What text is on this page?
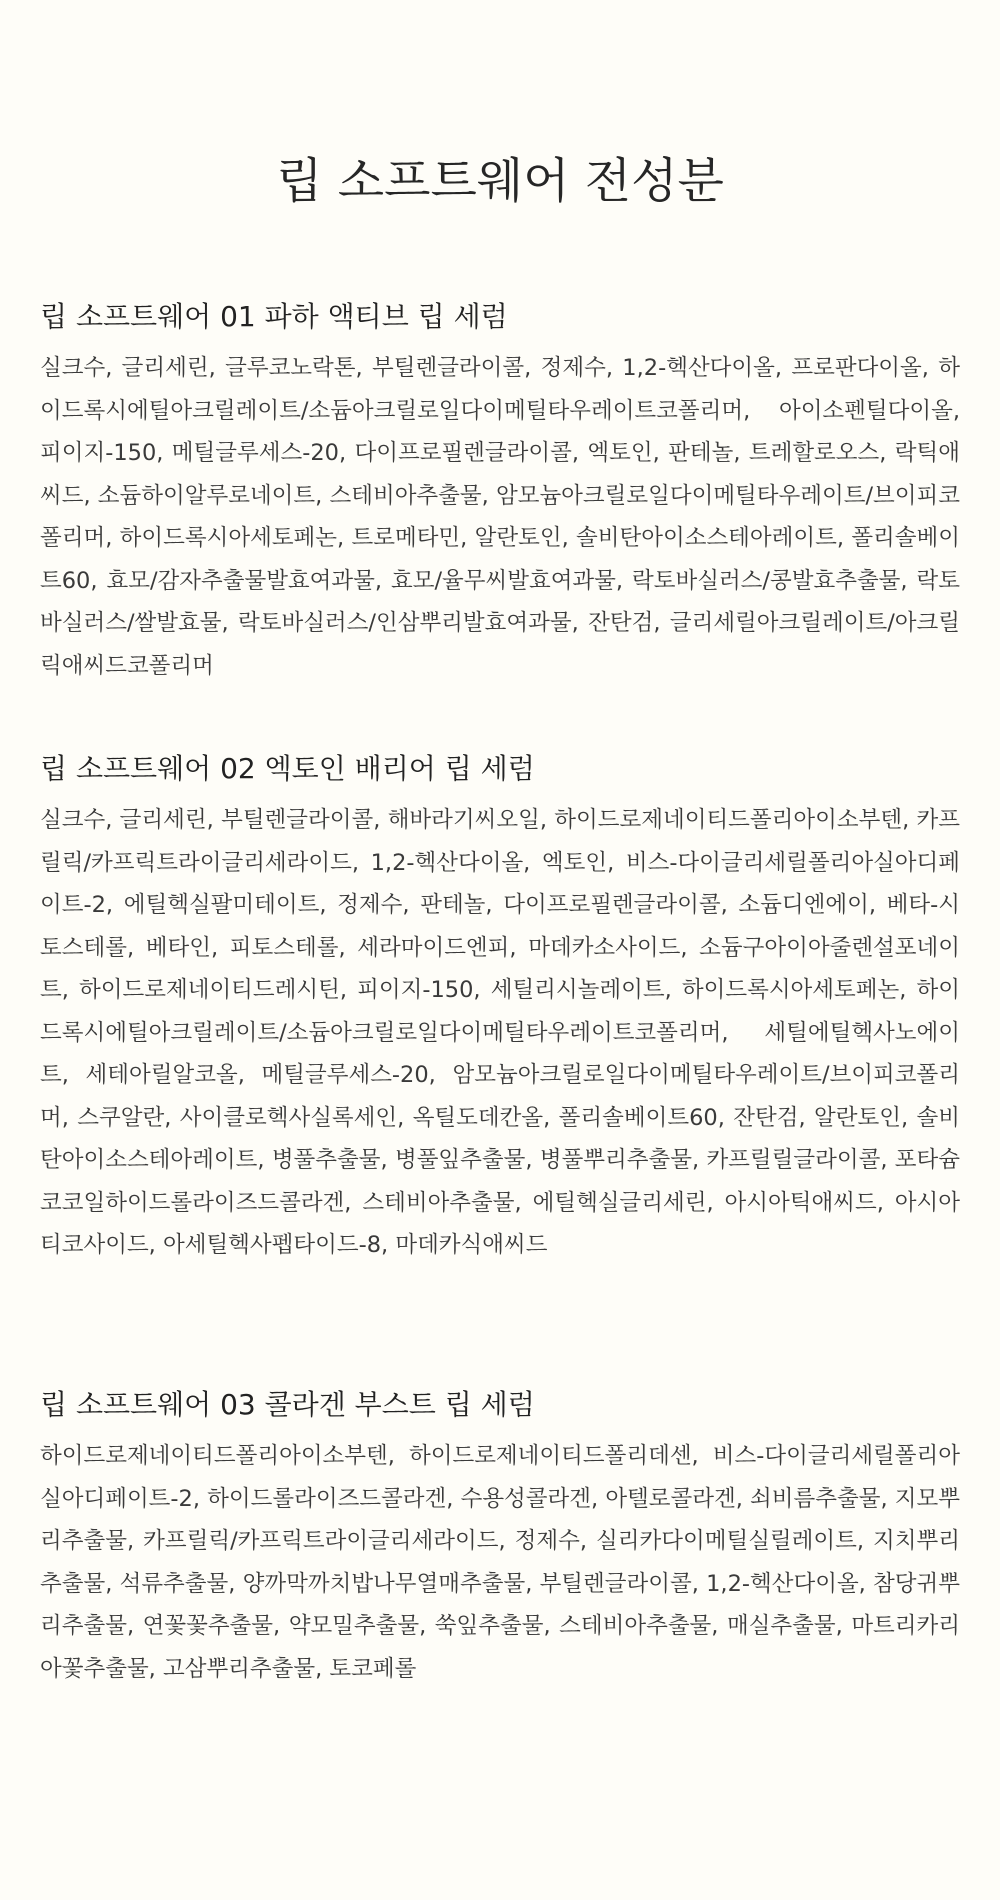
립 소프트웨어 전성분
립 소프트웨어 01 파하 액티브 립 세럼

실크수, 글리세린, 글루코노락톤, 부틸렌글라이콜, 정제수, 1,2-헥산다이올, 프로판다이올, 하이드록시에틸아크릴레이트/소듐아크릴로일다이메틸타우레이트코폴리머, 아이소펜틸다이올, 피이지-150, 메틸글루세스-20, 다이프로필렌글라이콜, 엑토인, 판테놀, 트레할로오스, 락틱애씨드, 소듐하이알루로네이트, 스테비아추출물, 암모늄아크릴로일다이메틸타우레이트/브이피코폴리머, 하이드록시아세토페논, 트로메타민, 알란토인, 솔비탄아이소스테아레이트, 폴리솔베이트60, 효모/감자추출물발효여과물, 효모/율무씨발효여과물, 락토바실러스/콩발효추출물, 락토바실러스/쌀발효물, 락토바실러스/인삼뿌리발효여과물, 잔탄검, 글리세릴아크릴레이트/아크릴릭애씨드코폴리머

립 소프트웨어 02 엑토인 배리어 립 세럼

실크수, 글리세린, 부틸렌글라이콜, 해바라기씨오일, 하이드로제네이티드폴리아이소부텐, 카프릴릭/카프릭트라이글리세라이드, 1,2-헥산다이올, 엑토인, 비스-다이글리세릴폴리아실아디페이트-2, 에틸헥실팔미테이트, 정제수, 판테놀, 다이프로필렌글라이콜, 소듐디엔에이, 베타-시토스테롤, 베타인, 피토스테롤, 세라마이드엔피, 마데카소사이드, 소듐구아이아줄렌설포네이트, 하이드로제네이티드레시틴, 피이지-150, 세틸리시놀레이트, 하이드록시아세토페논, 하이드록시에틸아크릴레이트/소듐아크릴로일다이메틸타우레이트코폴리머, 세틸에틸헥사노에이트, 세테아릴알코올, 메틸글루세스-20, 암모늄아크릴로일다이메틸타우레이트/브이피코폴리머, 스쿠알란, 사이클로헥사실록세인, 옥틸도데칸올, 폴리솔베이트60, 잔탄검, 알란토인, 솔비탄아이소스테아레이트, 병풀추출물, 병풀잎추출물, 병풀뿌리추출물, 카프릴릴글라이콜, 포타슘코코일하이드롤라이즈드콜라겐, 스테비아추출물, 에틸헥실글리세린, 아시아틱애씨드, 아시아티코사이드, 아세틸헥사펩타이드-8, 마데카식애씨드

립 소프트웨어 03 콜라겐 부스트 립 세럼

하이드로제네이티드폴리아이소부텐, 하이드로제네이티드폴리데센, 비스-다이글리세릴폴리아실아디페이트-2, 하이드롤라이즈드콜라겐, 수용성콜라겐, 아텔로콜라겐, 쇠비름추출물, 지모뿌리추출물, 카프릴릭/카프릭트라이글리세라이드, 정제수, 실리카다이메틸실릴레이트, 지치뿌리추출물, 석류추출물, 양까막까치밥나무열매추출물, 부틸렌글라이콜, 1,2-헥산다이올, 참당귀뿌리추출물, 연꽃꽃추출물, 약모밀추출물, 쑥잎추출물, 스테비아추출물, 매실추출물, 마트리카리아꽃추출물, 고삼뿌리추출물, 토코페롤
